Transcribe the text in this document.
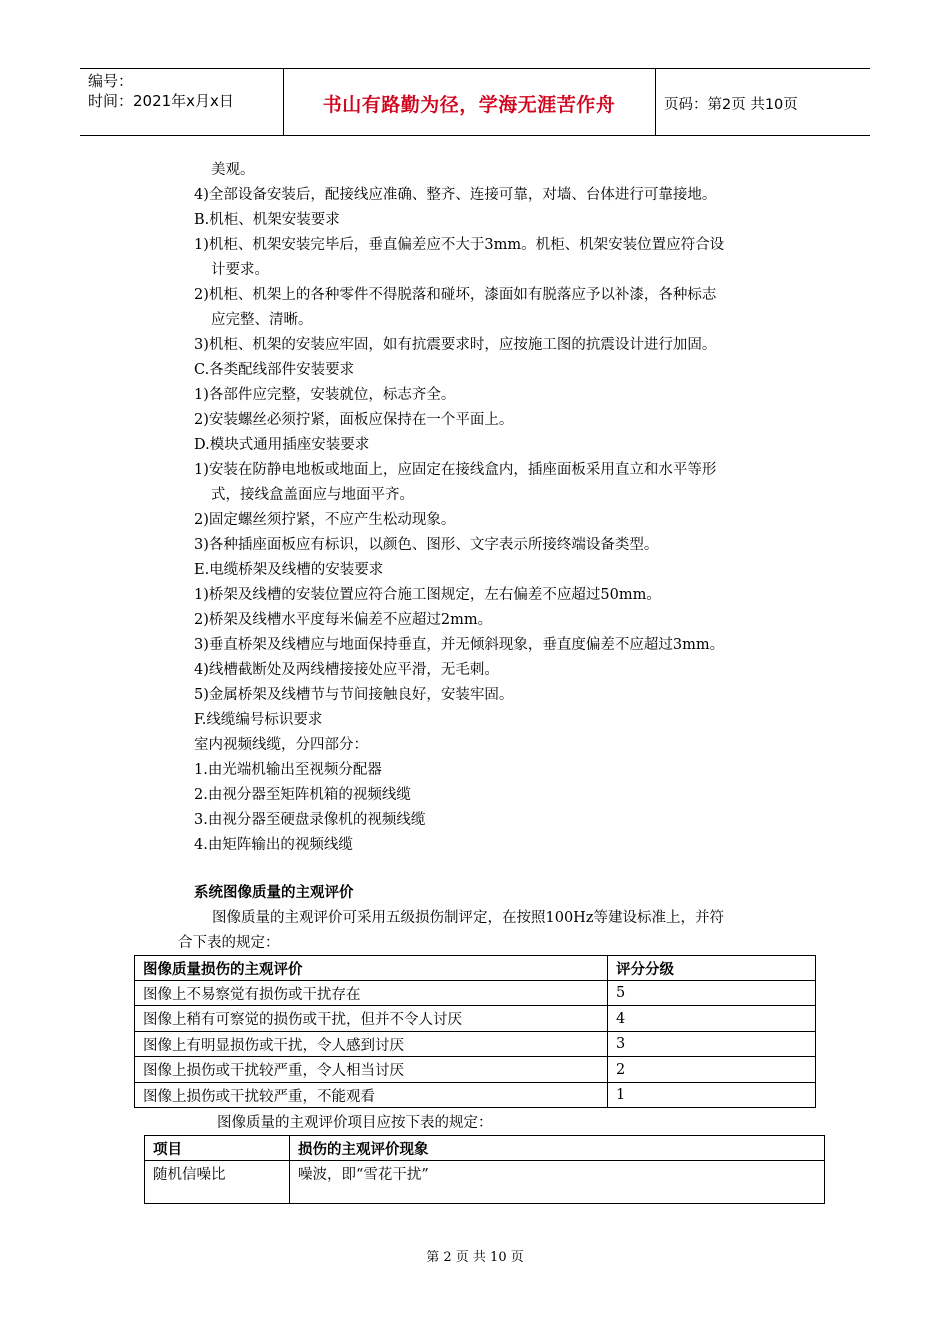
编号：
时间：2021年x月x日	书山有路勤为径，学海无涯苦作舟	页码：第2页 共10页
美观。
4)全部设备安装后，配接线应准确、整齐、连接可靠，对墙、台体进行可靠接地。
B.机柜、机架安装要求
1)机柜、机架安装完毕后，垂直偏差应不大于3mm。机柜、机架安装位置应符合设
计要求。
2)机柜、机架上的各种零件不得脱落和碰坏，漆面如有脱落应予以补漆，各种标志
应完整、清晰。
3)机柜、机架的安装应牢固，如有抗震要求时，应按施工图的抗震设计进行加固。
C.各类配线部件安装要求
1)各部件应完整，安装就位，标志齐全。
2)安装螺丝必须拧紧，面板应保持在一个平面上。
D.模块式通用插座安装要求
1)安装在防静电地板或地面上，应固定在接线盒内，插座面板采用直立和水平等形
式，接线盒盖面应与地面平齐。
2)固定螺丝须拧紧，不应产生松动现象。
3)各种插座面板应有标识，以颜色、图形、文字表示所接终端设备类型。
E.电缆桥架及线槽的安装要求
1)桥架及线槽的安装位置应符合施工图规定，左右偏差不应超过50mm。
2)桥架及线槽水平度每米偏差不应超过2mm。
3)垂直桥架及线槽应与地面保持垂直，并无倾斜现象，垂直度偏差不应超过3mm。
4)线槽截断处及两线槽接接处应平滑，无毛刺。
5)金属桥架及线槽节与节间接触良好，安装牢固。
F.线缆编号标识要求
室内视频线缆，分四部分：
1.由光端机输出至视频分配器
2.由视分器至矩阵机箱的视频线缆
3.由视分器至硬盘录像机的视频线缆
4.由矩阵输出的视频线缆
系统图像质量的主观评价
图像质量的主观评价可采用五级损伤制评定，在按照100Hz等建设标准上，并符
合下表的规定：
图像质量损伤的主观评价	评分分级
图像上不易察觉有损伤或干扰存在	5
图像上稍有可察觉的损伤或干扰，但并不令人讨厌	4
图像上有明显损伤或干扰，令人感到讨厌	3
图像上损伤或干扰较严重，令人相当讨厌	2
图像上损伤或干扰较严重，不能观看	1
图像质量的主观评价项目应按下表的规定：
项目	损伤的主观评价现象
随机信噪比	噪波，即“雪花干扰”
第 2 页 共 10 页
